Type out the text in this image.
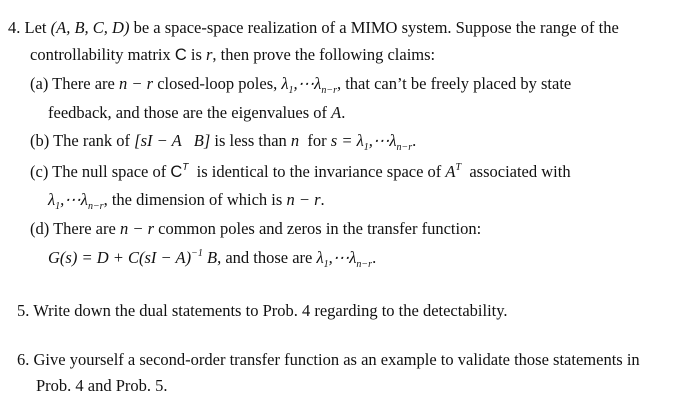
4. Let (A, B, C, D) be a space-space realization of a MIMO system. Suppose the range of the
controllability matrix C is r, then prove the following claims:
(a) There are n − r closed-loop poles, $\lambda_1,\cdots\lambda_{n-r}$, that can’t be freely placed by state
feedback, and those are the eigenvalues of A.
(b) The rank of [sI − A   B] is less than n for $s = \lambda_1,\cdots\lambda_{n-r}$.
(c) The null space of $C^T$ is identical to the invariance space of $A^T$ associated with
$\lambda_1,\cdots\lambda_{n-r}$, the dimension of which is n − r.
(d) There are n − r common poles and zeros in the transfer function:
G(s) = D + C(sI − A)$^{-1}$ B, and those are $\lambda_1,\cdots\lambda_{n-r}$.
5. Write down the dual statements to Prob. 4 regarding to the detectability.
6. Give yourself a second-order transfer function as an example to validate those statements in
Prob. 4 and Prob. 5.
